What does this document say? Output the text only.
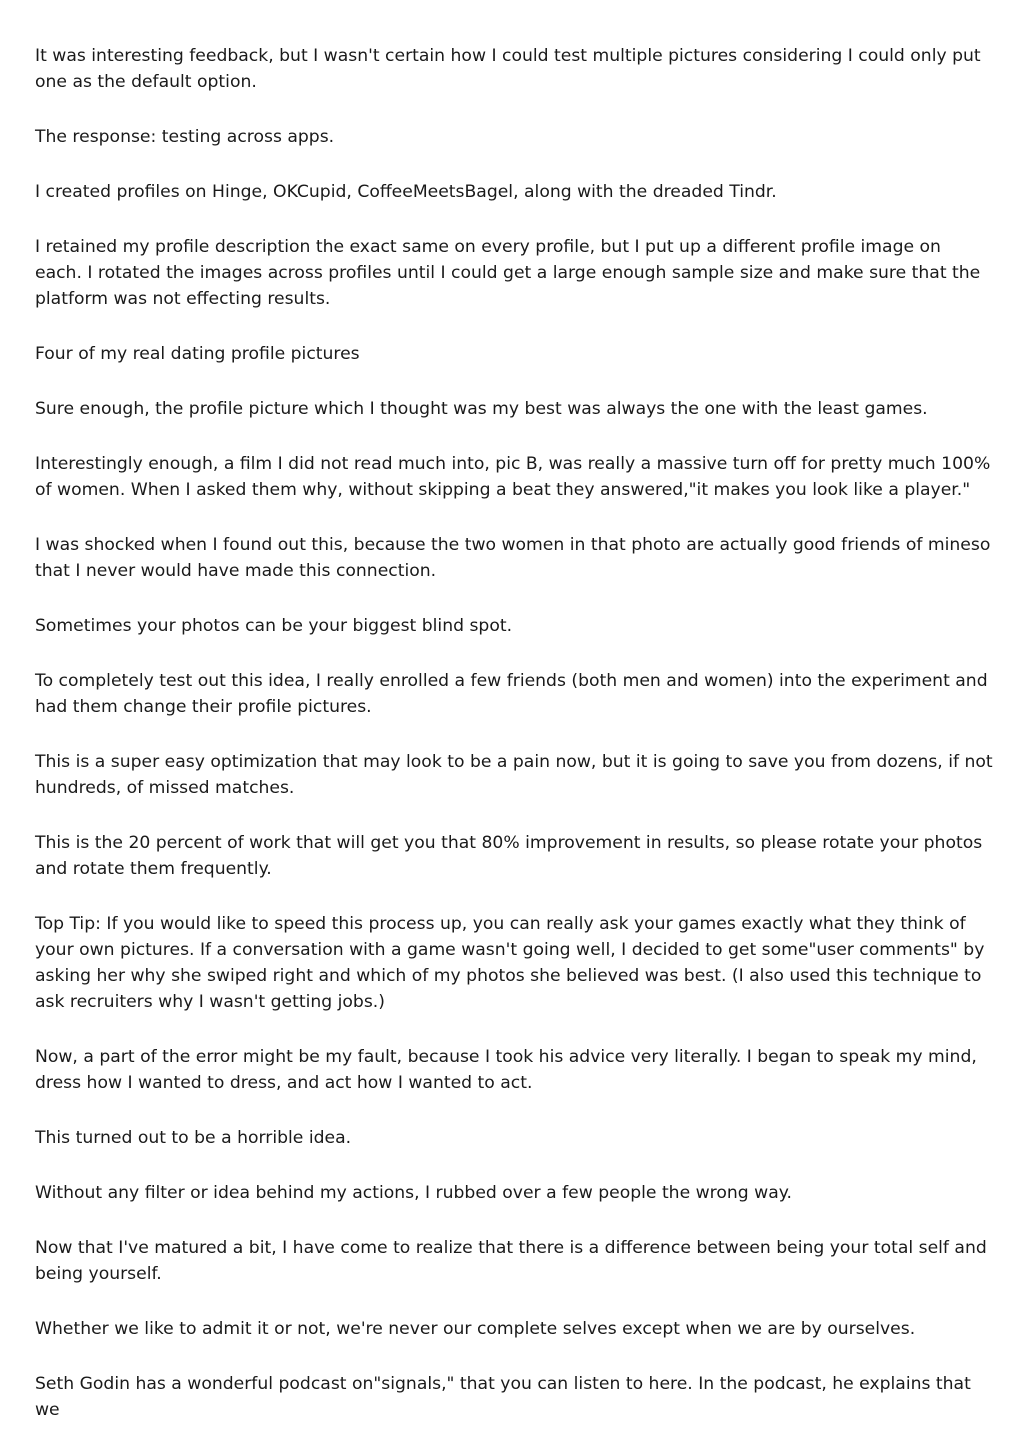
It was interesting feedback, but I wasn't certain how I could test multiple pictures considering I could only put one as the default option.

The response: testing across apps.

I created profiles on Hinge, OKCupid, CoffeeMeetsBagel, along with the dreaded Tindr.

I retained my profile description the exact same on every profile, but I put up a different profile image on each. I rotated the images across profiles until I could get a large enough sample size and make sure that the platform was not effecting results.

Four of my real dating profile pictures

Sure enough, the profile picture which I thought was my best was always the one with the least games.

Interestingly enough, a film I did not read much into, pic B, was really a massive turn off for pretty much 100% of women. When I asked them why, without skipping a beat they answered,"it makes you look like a player."

I was shocked when I found out this, because the two women in that photo are actually good friends of mineso that I never would have made this connection.

Sometimes your photos can be your biggest blind spot.

To completely test out this idea, I really enrolled a few friends (both men and women) into the experiment and had them change their profile pictures.

This is a super easy optimization that may look to be a pain now, but it is going to save you from dozens, if not hundreds, of missed matches.

This is the 20 percent of work that will get you that 80% improvement in results, so please rotate your photos and rotate them frequently.

Top Tip: If you would like to speed this process up, you can really ask your games exactly what they think of your own pictures. If a conversation with a game wasn't going well, I decided to get some"user comments" by asking her why she swiped right and which of my photos she believed was best. (I also used this technique to ask recruiters why I wasn't getting jobs.)

Now, a part of the error might be my fault, because I took his advice very literally. I began to speak my mind, dress how I wanted to dress, and act how I wanted to act.

This turned out to be a horrible idea.

Without any filter or idea behind my actions, I rubbed over a few people the wrong way.

Now that I've matured a bit, I have come to realize that there is a difference between being your total self and being yourself.

Whether we like to admit it or not, we're never our complete selves except when we are by ourselves.

Seth Godin has a wonderful podcast on"signals," that you can listen to here. In the podcast, he explains that we
